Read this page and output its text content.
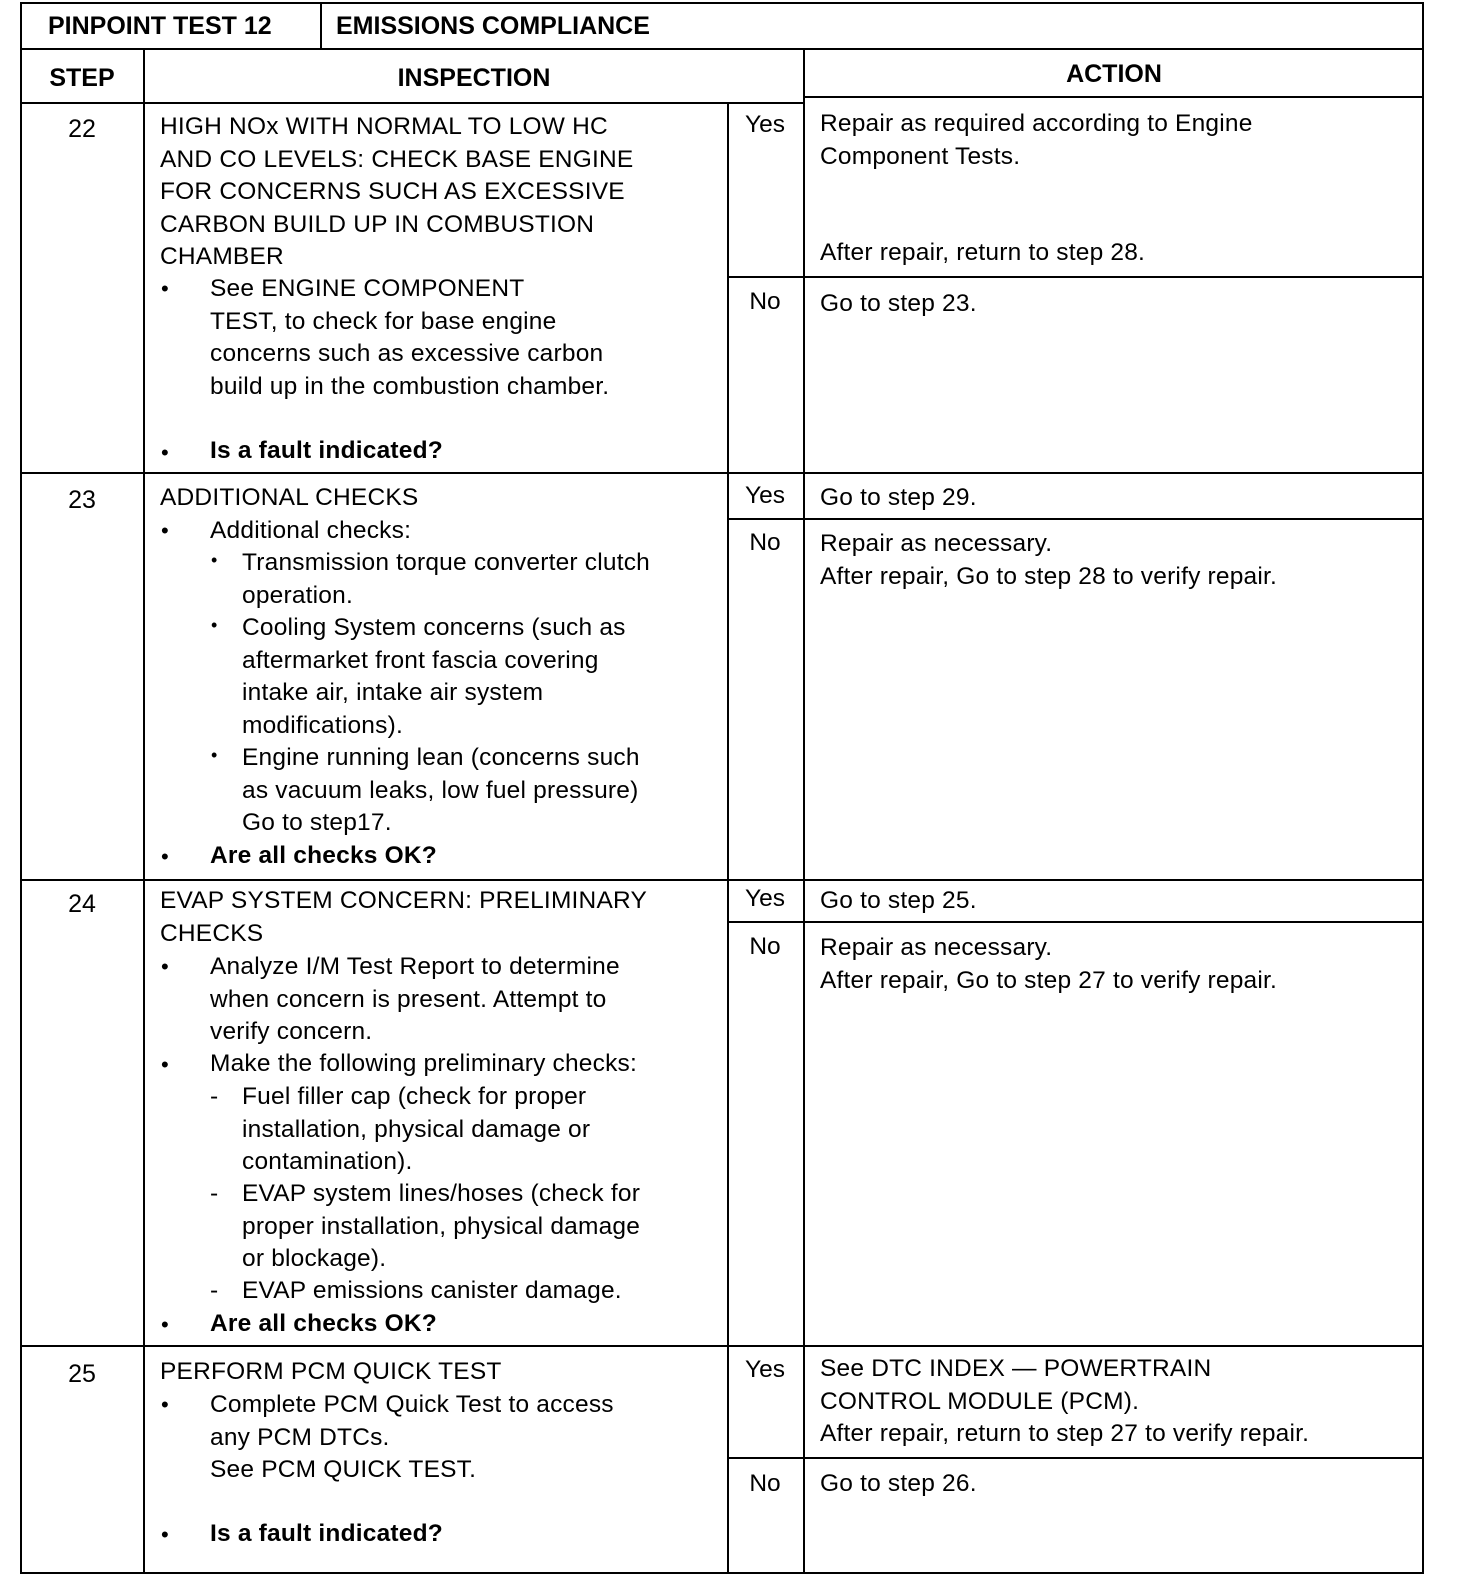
PINPOINT TEST 12	EMISSIONS COMPLIANCE
STEP	INSPECTION	ACTION
22	HIGH NOx WITH NORMAL TO LOW HC
AND CO LEVELS: CHECK BASE ENGINE
FOR CONCERNS SUCH AS EXCESSIVE
CARBON BUILD UP IN COMBUSTION
CHAMBER
• See ENGINE COMPONENT
TEST, to check for base engine
concerns such as excessive carbon
build up in the combustion chamber.
• Is a fault indicated?
Yes	Repair as required according to Engine
Component Tests.
After repair, return to step 28.
No	Go to step 23.
23	ADDITIONAL CHECKS
• Additional checks:
• Transmission torque converter clutch
operation.
• Cooling System concerns (such as
aftermarket front fascia covering
intake air, intake air system
modifications).
• Engine running lean (concerns such
as vacuum leaks, low fuel pressure)
Go to step17.
• Are all checks OK?
Yes	Go to step 29.
No	Repair as necessary.
After repair, Go to step 28 to verify repair.
24	EVAP SYSTEM CONCERN: PRELIMINARY
CHECKS
• Analyze I/M Test Report to determine
when concern is present. Attempt to
verify concern.
• Make the following preliminary checks:
- Fuel filler cap (check for proper
installation, physical damage or
contamination).
- EVAP system lines/hoses (check for
proper installation, physical damage
or blockage).
- EVAP emissions canister damage.
• Are all checks OK?
Yes	Go to step 25.
No	Repair as necessary.
After repair, Go to step 27 to verify repair.
25	PERFORM PCM QUICK TEST
• Complete PCM Quick Test to access
any PCM DTCs.
See PCM QUICK TEST.
• Is a fault indicated?
Yes	See DTC INDEX — POWERTRAIN
CONTROL MODULE (PCM).
After repair, return to step 27 to verify repair.
No	Go to step 26.
